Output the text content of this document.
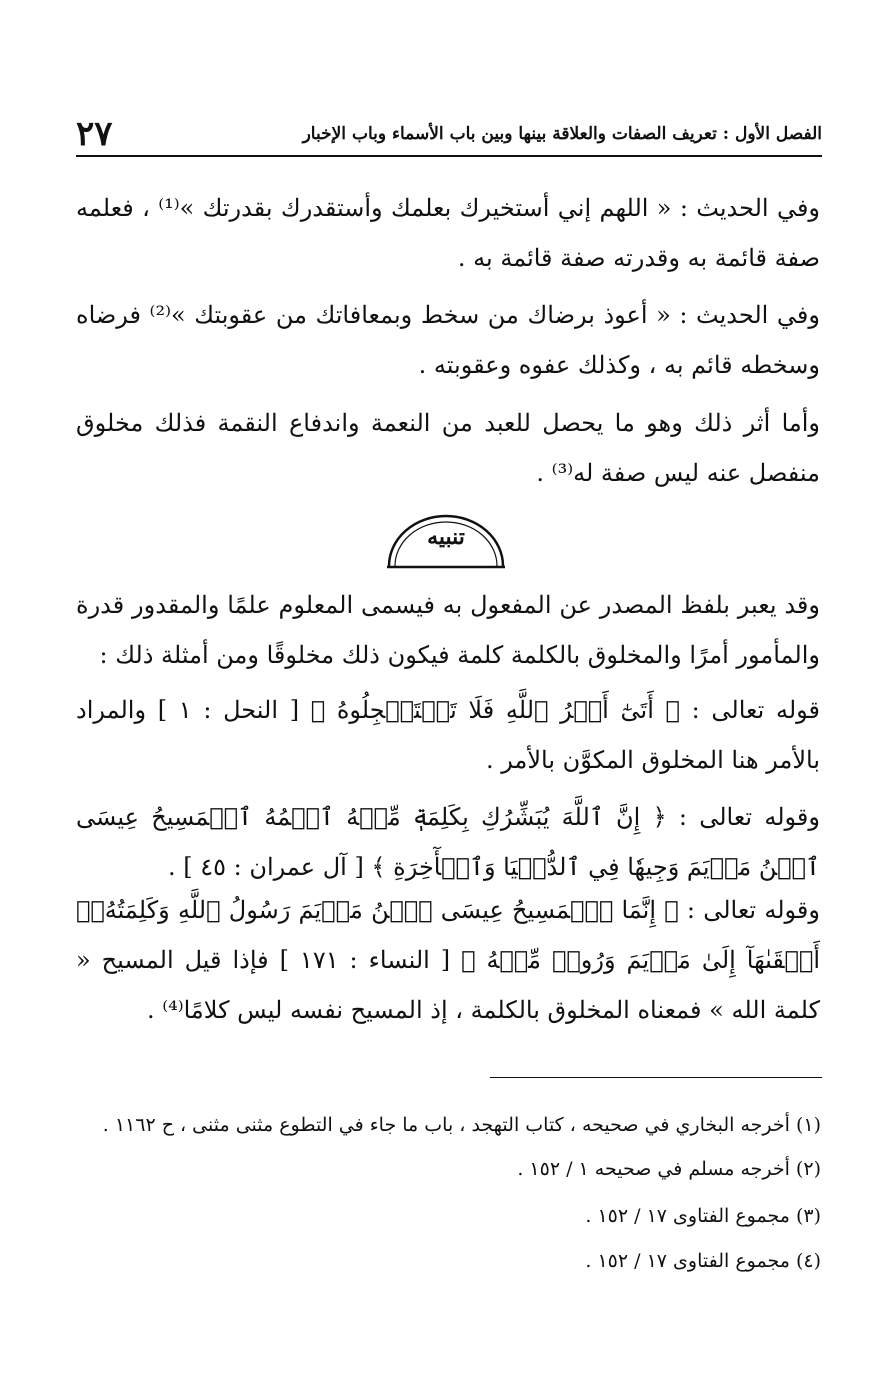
الفصل الأول : تعريف الصفات والعلاقة بينها وبين باب الأسماء وباب الإخبار
٢٧

وفي الحديث : « اللهم إني أستخيرك بعلمك وأستقدرك بقدرتك »⁽¹⁾ ، فعلمه صفة قائمة به وقدرته صفة قائمة به .

وفي الحديث : « أعوذ برضاك من سخط وبمعافاتك من عقوبتك »⁽²⁾ فرضاه وسخطه قائم به ، وكذلك عفوه وعقوبته .

وأما أثر ذلك وهو ما يحصل للعبد من النعمة واندفاع النقمة فذلك مخلوق منفصل عنه ليس صفة له⁽³⁾ .

تنبيه

وقد يعبر بلفظ المصدر عن المفعول به فيسمى المعلوم علمًا والمقدور قدرة والمأمور أمرًا والمخلوق بالكلمة كلمة فيكون ذلك مخلوقًا ومن أمثلة ذلك :

قوله تعالى : ﴿ أَتَىٰٓ أَمۡرُ ٱللَّهِ فَلَا تَسۡتَعۡجِلُوهُ ﴾ [ النحل : ١ ] والمراد بالأمر هنا المخلوق المكوَّن بالأمر .

وقوله تعالى : ﴿ إِنَّ ٱللَّهَ يُبَشِّرُكِ بِكَلِمَةٖ مِّنۡهُ ٱسۡمُهُ ٱلۡمَسِيحُ عِيسَى ٱبۡنُ مَرۡيَمَ وَجِيهٗا فِي ٱلدُّنۡيَا وَٱلۡأٓخِرَةِ ﴾ [ آل عمران : ٤٥ ] .

وقوله تعالى : ﴿ إِنَّمَا ٱلۡمَسِيحُ عِيسَى ٱبۡنُ مَرۡيَمَ رَسُولُ ٱللَّهِ وَكَلِمَتُهُۥٓ أَلۡقَىٰهَآ إِلَىٰ مَرۡيَمَ وَرُوحٞ مِّنۡهُ ﴾ [ النساء : ١٧١ ] فإذا قيل المسيح « كلمة الله » فمعناه المخلوق بالكلمة ، إذ المسيح نفسه ليس كلامًا⁽⁴⁾ .

(١) أخرجه البخاري في صحيحه ، كتاب التهجد ، باب ما جاء في التطوع مثنى مثنى ، ح ١١٦٢ .

(٢) أخرجه مسلم في صحيحه ١ / ١٥٢ .

(٣) مجموع الفتاوى ١٧ / ١٥٢ .

(٤) مجموع الفتاوى ١٧ / ١٥٢ .
